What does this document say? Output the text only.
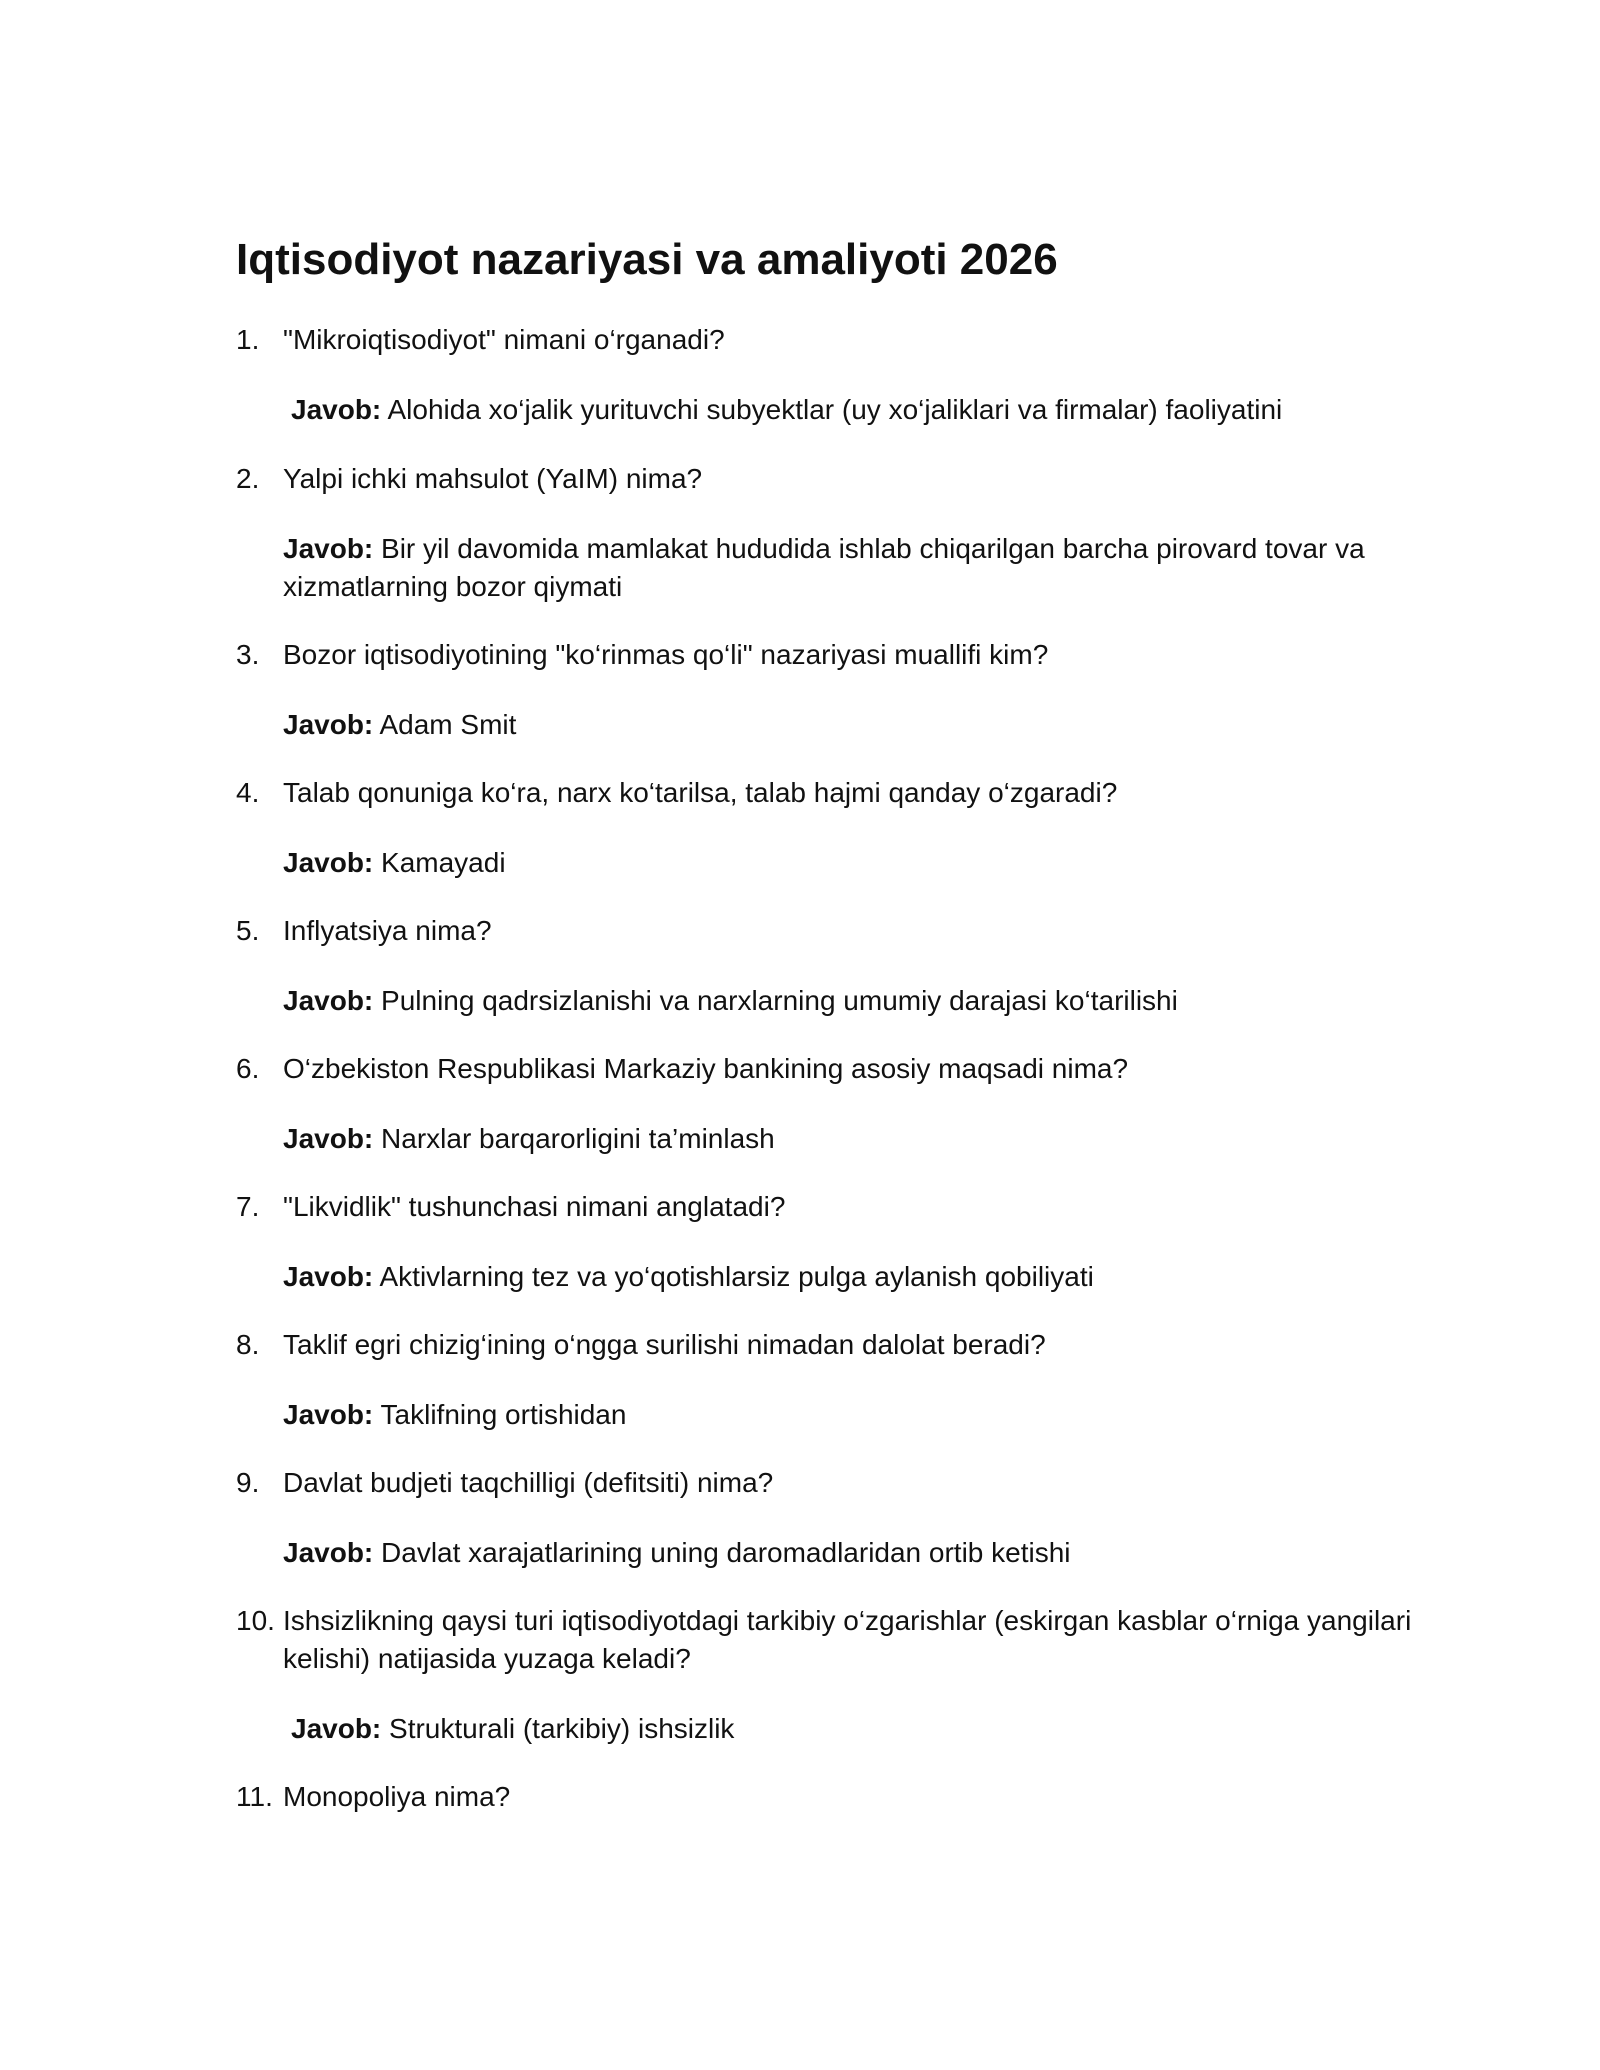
Iqtisodiyot nazariyasi va amaliyoti 2026
1. "Mikroiqtisodiyot" nimani o‘rganadi?
Javob: Alohida xo‘jalik yurituvchi subyektlar (uy xo‘jaliklari va firmalar) faoliyatini
2. Yalpi ichki mahsulot (YaIM) nima?
Javob: Bir yil davomida mamlakat hududida ishlab chiqarilgan barcha pirovard tovar va xizmatlarning bozor qiymati
3. Bozor iqtisodiyotining "ko‘rinmas qo‘li" nazariyasi muallifi kim?
Javob: Adam Smit
4. Talab qonuniga ko‘ra, narx ko‘tarilsa, talab hajmi qanday o‘zgaradi?
Javob: Kamayadi
5. Inflyatsiya nima?
Javob: Pulning qadrsizlanishi va narxlarning umumiy darajasi ko‘tarilishi
6. O‘zbekiston Respublikasi Markaziy bankining asosiy maqsadi nima?
Javob: Narxlar barqarorligini ta’minlash
7. "Likvidlik" tushunchasi nimani anglatadi?
Javob: Aktivlarning tez va yo‘qotishlarsiz pulga aylanish qobiliyati
8. Taklif egri chizig‘ining o‘ngga surilishi nimadan dalolat beradi?
Javob: Taklifning ortishidan
9. Davlat budjeti taqchilligi (defitsiti) nima?
Javob: Davlat xarajatlarining uning daromadlaridan ortib ketishi
10. Ishsizlikning qaysi turi iqtisodiyotdagi tarkibiy o‘zgarishlar (eskirgan kasblar o‘rniga yangilari kelishi) natijasida yuzaga keladi?
Javob: Strukturali (tarkibiy) ishsizlik
11. Monopoliya nima?
